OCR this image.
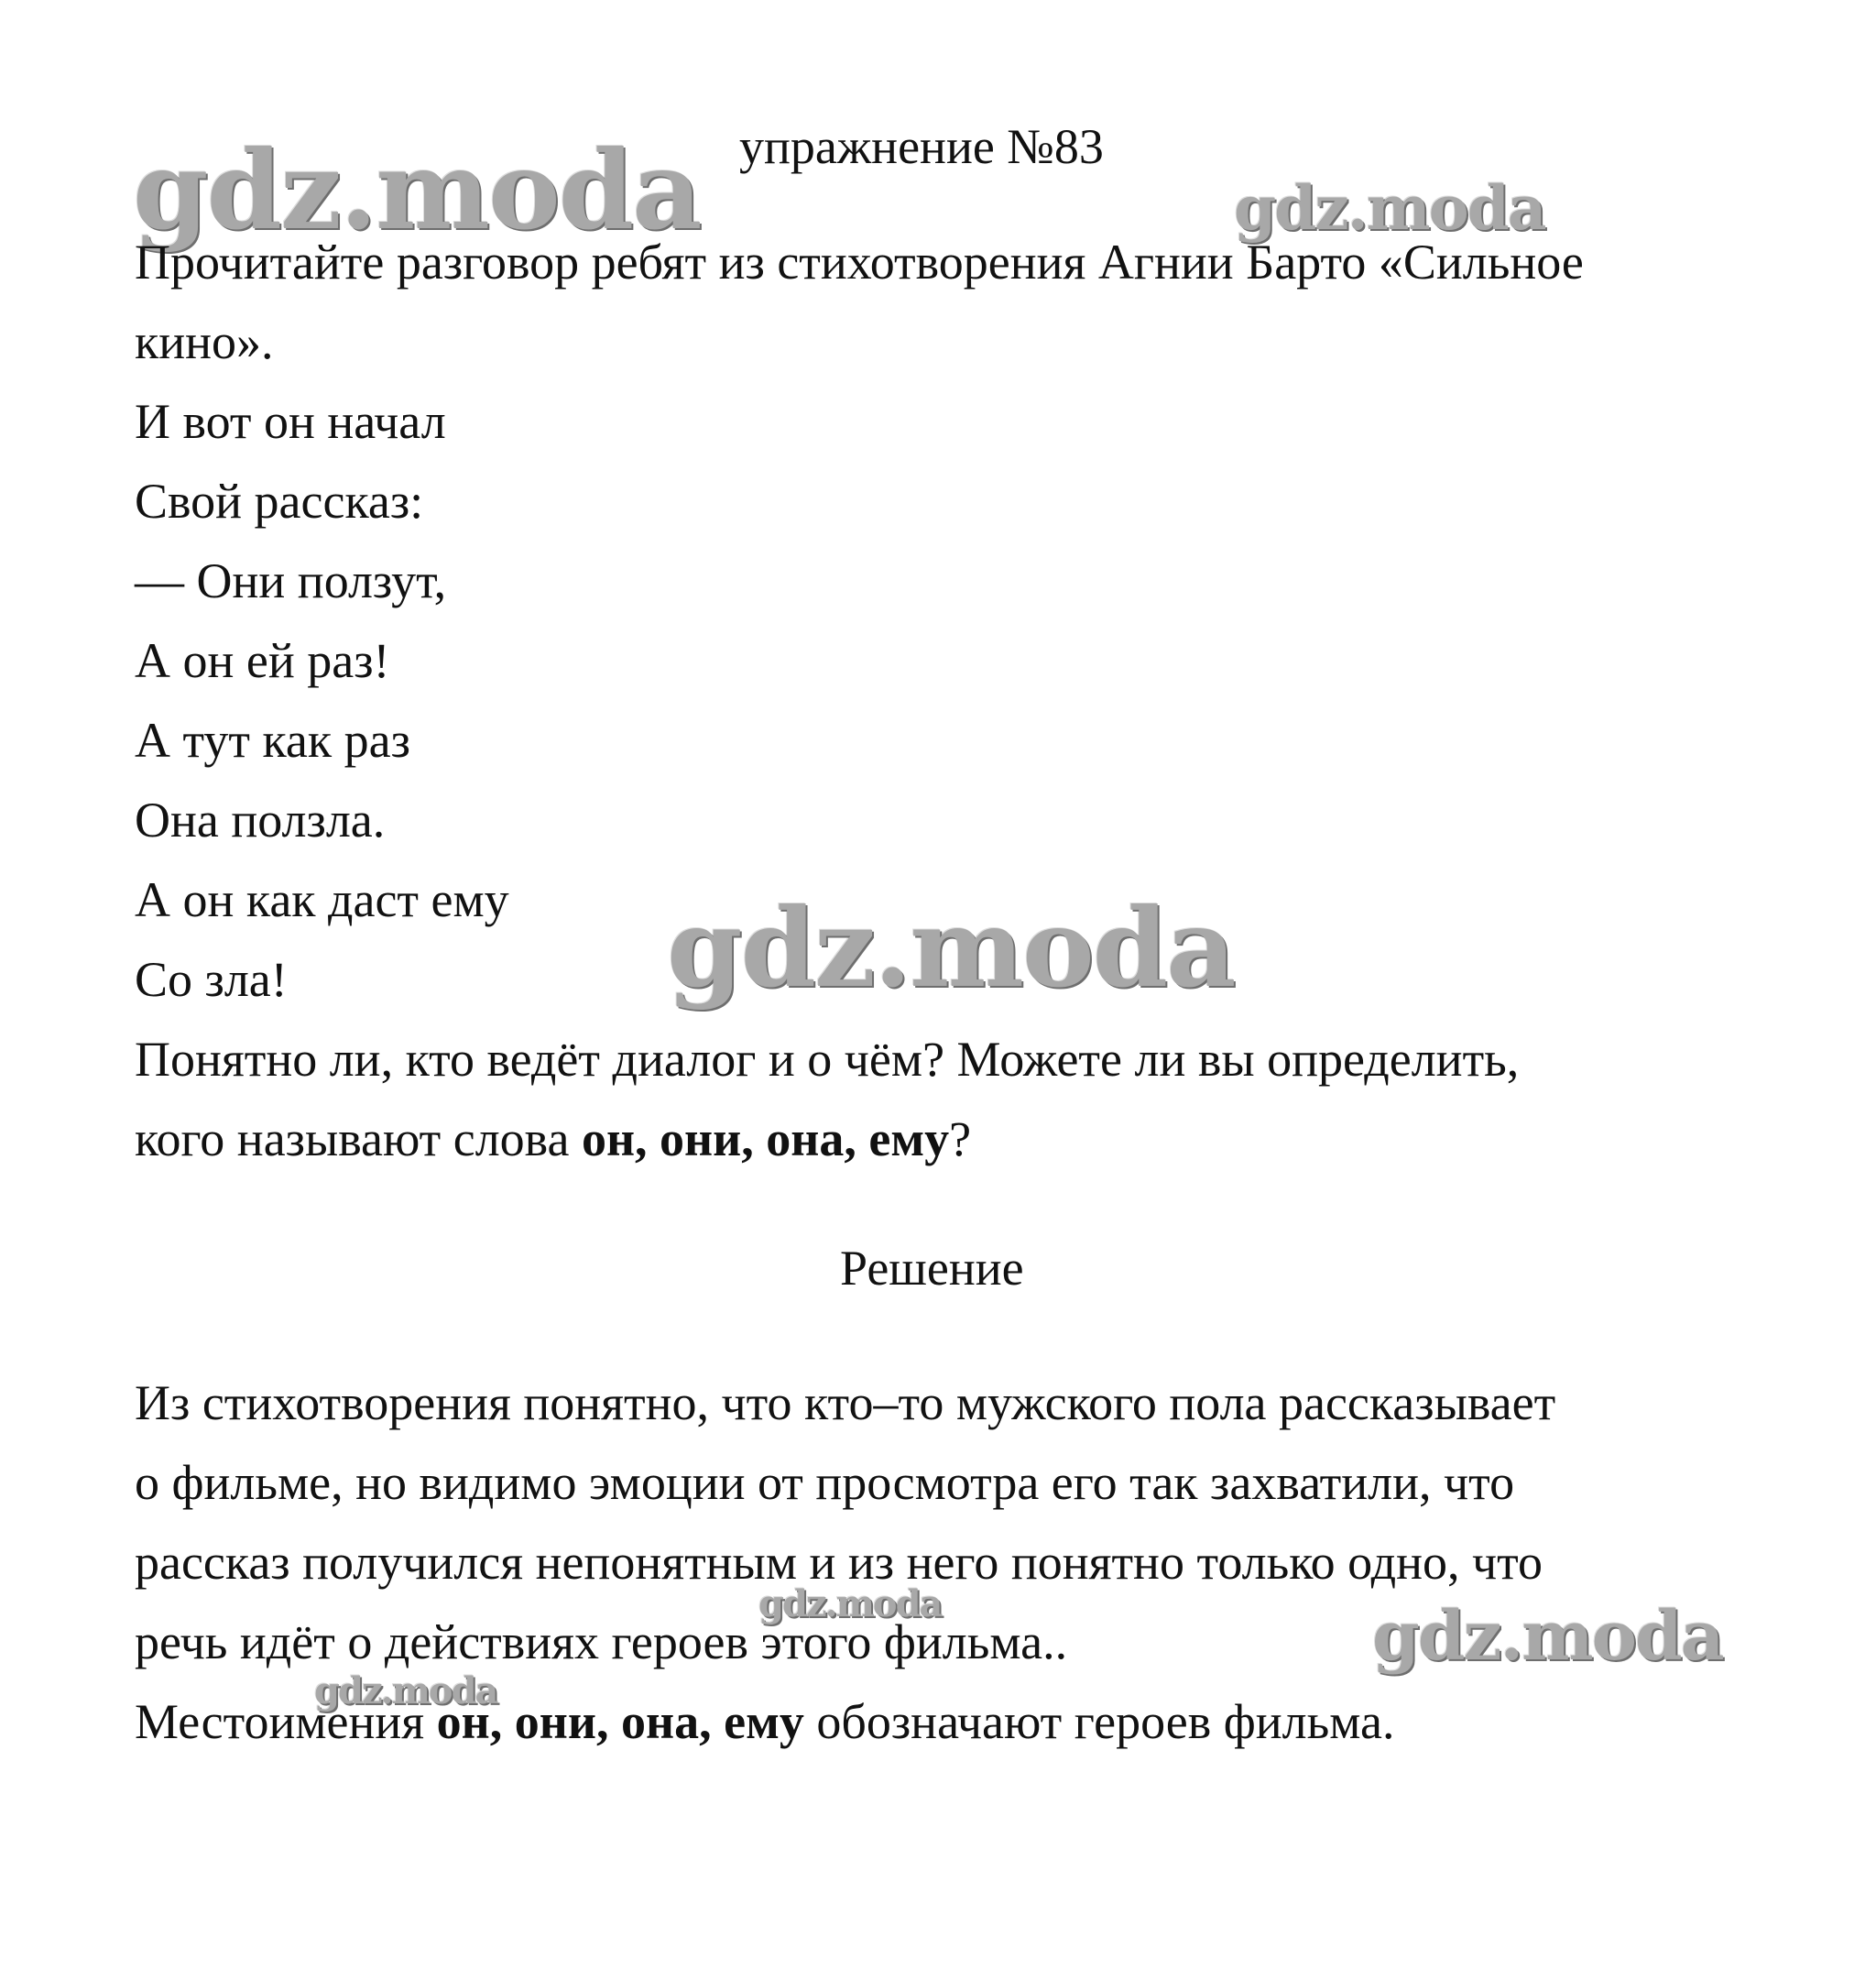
gdz.moda	gdz.moda
gdz.moda
gdz.moda	gdz.moda
gdz.moda
упражнение №83
Прочитайте разговор ребят из стихотворения Агнии Барто «Сильное
кино».
И вот он начал
Свой рассказ:
— Они ползут,
А он ей раз!
А тут как раз
Она ползла.
А он как даст ему
Со зла!
Понятно ли, кто ведёт диалог и о чём? Можете ли вы определить,
кого называют слова он, они, она, ему?
Решение
Из стихотворения понятно, что кто–то мужского пола рассказывает
о фильме, но видимо эмоции от просмотра его так захватили, что
рассказ получился непонятным и из него понятно только одно, что
речь идёт о действиях героев этого фильма..
Местоимения он, они, она, ему обозначают героев фильма.
